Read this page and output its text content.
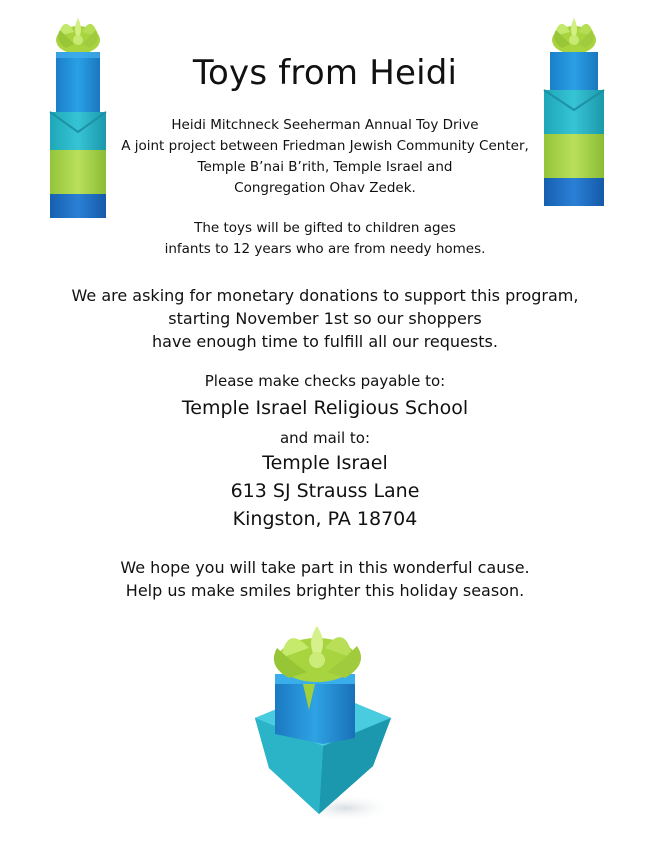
Toys from Heidi
Heidi Mitchneck Seeherman Annual Toy Drive
A joint project between Friedman Jewish Community Center,
Temple B’nai B’rith, Temple Israel and
Congregation Ohav Zedek.
The toys will be gifted to children ages
infants to 12 years who are from needy homes.
We are asking for monetary donations to support this program,
starting November 1st so our shoppers
have enough time to fulfill all our requests.
Please make checks payable to:
Temple Israel Religious School
and mail to:
Temple Israel
613 SJ Strauss Lane
Kingston, PA 18704
We hope you will take part in this wonderful cause.
Help us make smiles brighter this holiday season.
